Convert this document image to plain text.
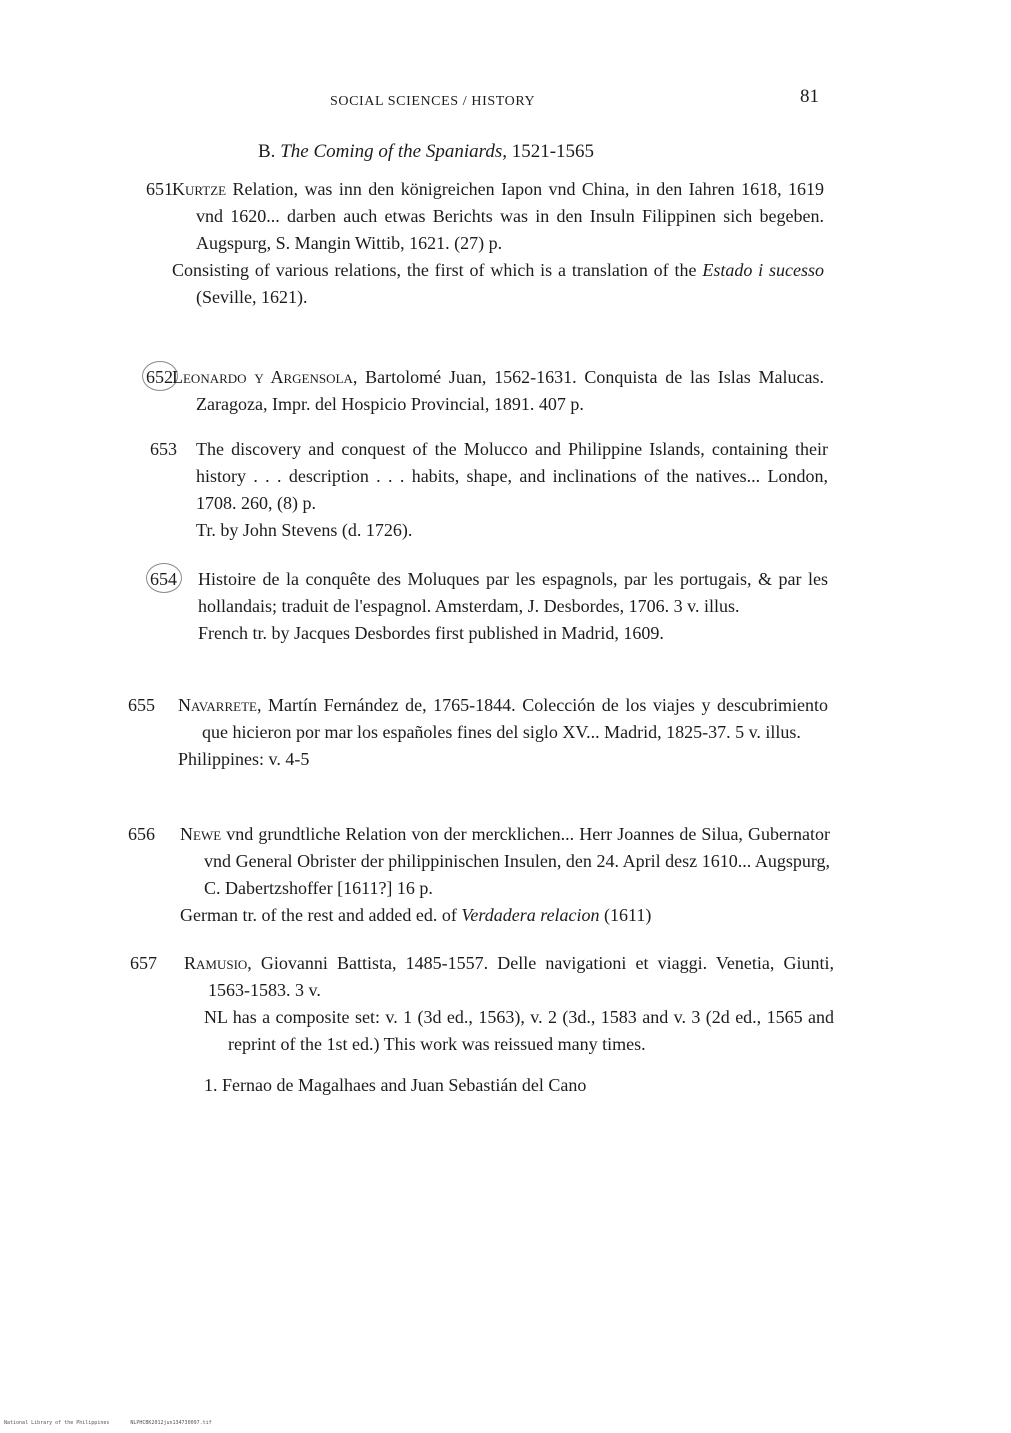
SOCIAL SCIENCES / HISTORY	81
B. The Coming of the Spaniards, 1521-1565
651 Kurtze Relation, was inn den königreichen Iapon vnd China, in den Iahren 1618, 1619 vnd 1620... darben auch etwas Berichts was in den Insuln Filippinen sich begeben. Augspurg, S. Mangin Wittib, 1621. (27) p.

Consisting of various relations, the first of which is a translation of the Estado i sucesso (Seville, 1621).

652 Leonardo y Argensola, Bartolomé Juan, 1562-1631. Conquista de las Islas Malucas. Zaragoza, Impr. del Hospicio Provincial, 1891. 407 p.

653 The discovery and conquest of the Molucco and Philippine Islands, containing their history . . . description . . . habits, shape, and inclinations of the natives... London, 1708. 260, (8) p.

Tr. by John Stevens (d. 1726).

654 Histoire de la conquête des Moluques par les espagnols, par les portugais, & par les hollandais; traduit de l'espagnol. Amsterdam, J. Desbordes, 1706. 3 v. illus.

French tr. by Jacques Desbordes first published in Madrid, 1609.

655 Navarrete, Martín Fernández de, 1765-1844. Colección de los viajes y descubrimiento que hicieron por mar los españoles fines del siglo XV... Madrid, 1825-37. 5 v. illus.

Philippines: v. 4-5

656 Newe vnd grundtliche Relation von der mercklichen... Herr Joannes de Silua, Gubernator vnd General Obrister der philippinischen Insulen, den 24. April desz 1610... Augspurg, C. Dabertzshoffer [1611?] 16 p.

German tr. of the rest and added ed. of Verdadera relacion (1611)

657 Ramusio, Giovanni Battista, 1485-1557. Delle navigationi et viaggi. Venetia, Giunti, 1563-1583. 3 v.

NL has a composite set: v. 1 (3d ed., 1563), v. 2 (3d., 1583 and v. 3 (2d ed., 1565 and reprint of the 1st ed.) This work was reissued many times.

1. Fernao de Magalhaes and Juan Sebastián del Cano

National Library of the Philippines	NLPHCBK2012jun134730097.tif
